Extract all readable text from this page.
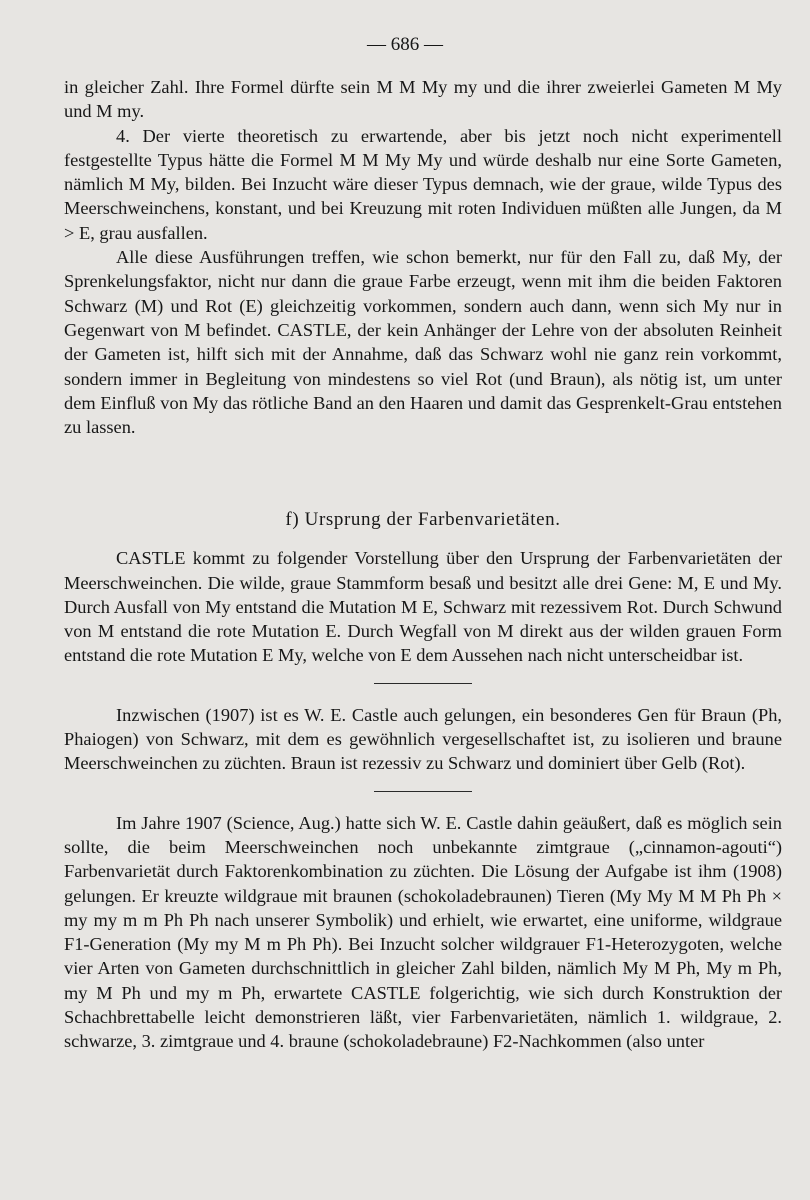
— 686 —

in gleicher Zahl. Ihre Formel dürfte sein M M My my und die ihrer zweierlei Gameten M My und M my.

4. Der vierte theoretisch zu erwartende, aber bis jetzt noch nicht experimentell festgestellte Typus hätte die Formel M M My My und würde deshalb nur eine Sorte Gameten, nämlich M My, bilden. Bei Inzucht wäre dieser Typus demnach, wie der graue, wilde Typus des Meerschweinchens, konstant, und bei Kreuzung mit roten Individuen müßten alle Jungen, da M > E, grau ausfallen.

Alle diese Ausführungen treffen, wie schon bemerkt, nur für den Fall zu, daß My, der Sprenkelungsfaktor, nicht nur dann die graue Farbe erzeugt, wenn mit ihm die beiden Faktoren Schwarz (M) und Rot (E) gleichzeitig vorkommen, sondern auch dann, wenn sich My nur in Gegenwart von M befindet. CASTLE, der kein Anhänger der Lehre von der absoluten Reinheit der Gameten ist, hilft sich mit der Annahme, daß das Schwarz wohl nie ganz rein vorkommt, sondern immer in Begleitung von mindestens so viel Rot (und Braun), als nötig ist, um unter dem Einfluß von My das rötliche Band an den Haaren und damit das Gesprenkelt-Grau entstehen zu lassen.

f) Ursprung der Farbenvarietäten.

CASTLE kommt zu folgender Vorstellung über den Ursprung der Farbenvarietäten der Meerschweinchen. Die wilde, graue Stammform besaß und besitzt alle drei Gene: M, E und My. Durch Ausfall von My entstand die Mutation M E, Schwarz mit rezessivem Rot. Durch Schwund von M entstand die rote Mutation E. Durch Wegfall von M direkt aus der wilden grauen Form entstand die rote Mutation E My, welche von E dem Aussehen nach nicht unterscheidbar ist.

Inzwischen (1907) ist es W. E. Castle auch gelungen, ein besonderes Gen für Braun (Ph, Phaiogen) von Schwarz, mit dem es gewöhnlich vergesellschaftet ist, zu isolieren und braune Meerschweinchen zu züchten. Braun ist rezessiv zu Schwarz und dominiert über Gelb (Rot).

Im Jahre 1907 (Science, Aug.) hatte sich W. E. Castle dahin geäußert, daß es möglich sein sollte, die beim Meerschweinchen noch unbekannte zimtgraue („cinnamon-agouti“) Farbenvarietät durch Faktorenkombination zu züchten. Die Lösung der Aufgabe ist ihm (1908) gelungen. Er kreuzte wildgraue mit braunen (schokoladebraunen) Tieren (My My M M Ph Ph × my my m m Ph Ph nach unserer Symbolik) und erhielt, wie erwartet, eine uniforme, wildgraue F1-Generation (My my M m Ph Ph). Bei Inzucht solcher wildgrauer F1-Heterozygoten, welche vier Arten von Gameten durchschnittlich in gleicher Zahl bilden, nämlich My M Ph, My m Ph, my M Ph und my m Ph, erwartete CASTLE folgerichtig, wie sich durch Konstruktion der Schachbrettabelle leicht demonstrieren läßt, vier Farbenvarietäten, nämlich 1. wildgraue, 2. schwarze, 3. zimtgraue und 4. braune (schokoladebraune) F2-Nachkommen (also unter
